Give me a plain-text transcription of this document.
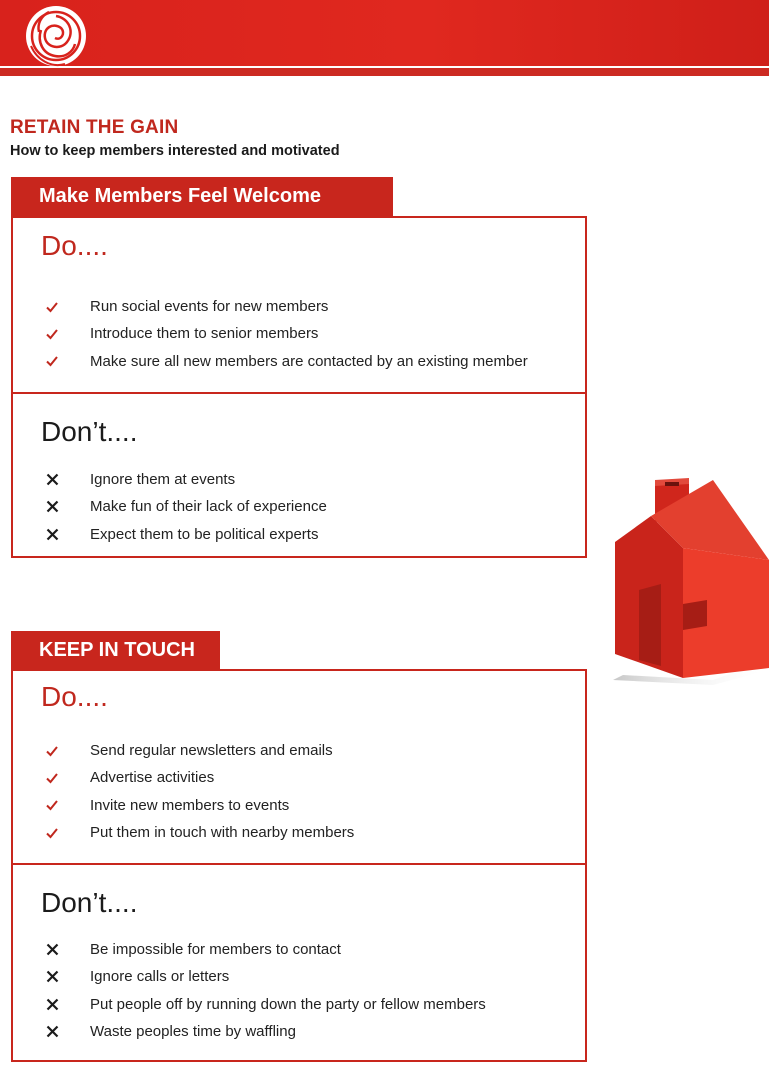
RETAIN THE GAIN
How to keep members interested and motivated
Make Members Feel Welcome
Do....
Run social events for new members
Introduce them to senior members
Make sure all new members are contacted by an existing member
Don’t....
Ignore them at events
Make fun of their lack of experience
Expect them to be political experts
KEEP IN TOUCH
Do....
Send regular newsletters and emails
Advertise activities
Invite new members to events
Put them in touch with nearby members
Don’t....
Be impossible for members to contact
Ignore calls or letters
Put people off by running down the party or fellow members
Waste peoples time by waffling
